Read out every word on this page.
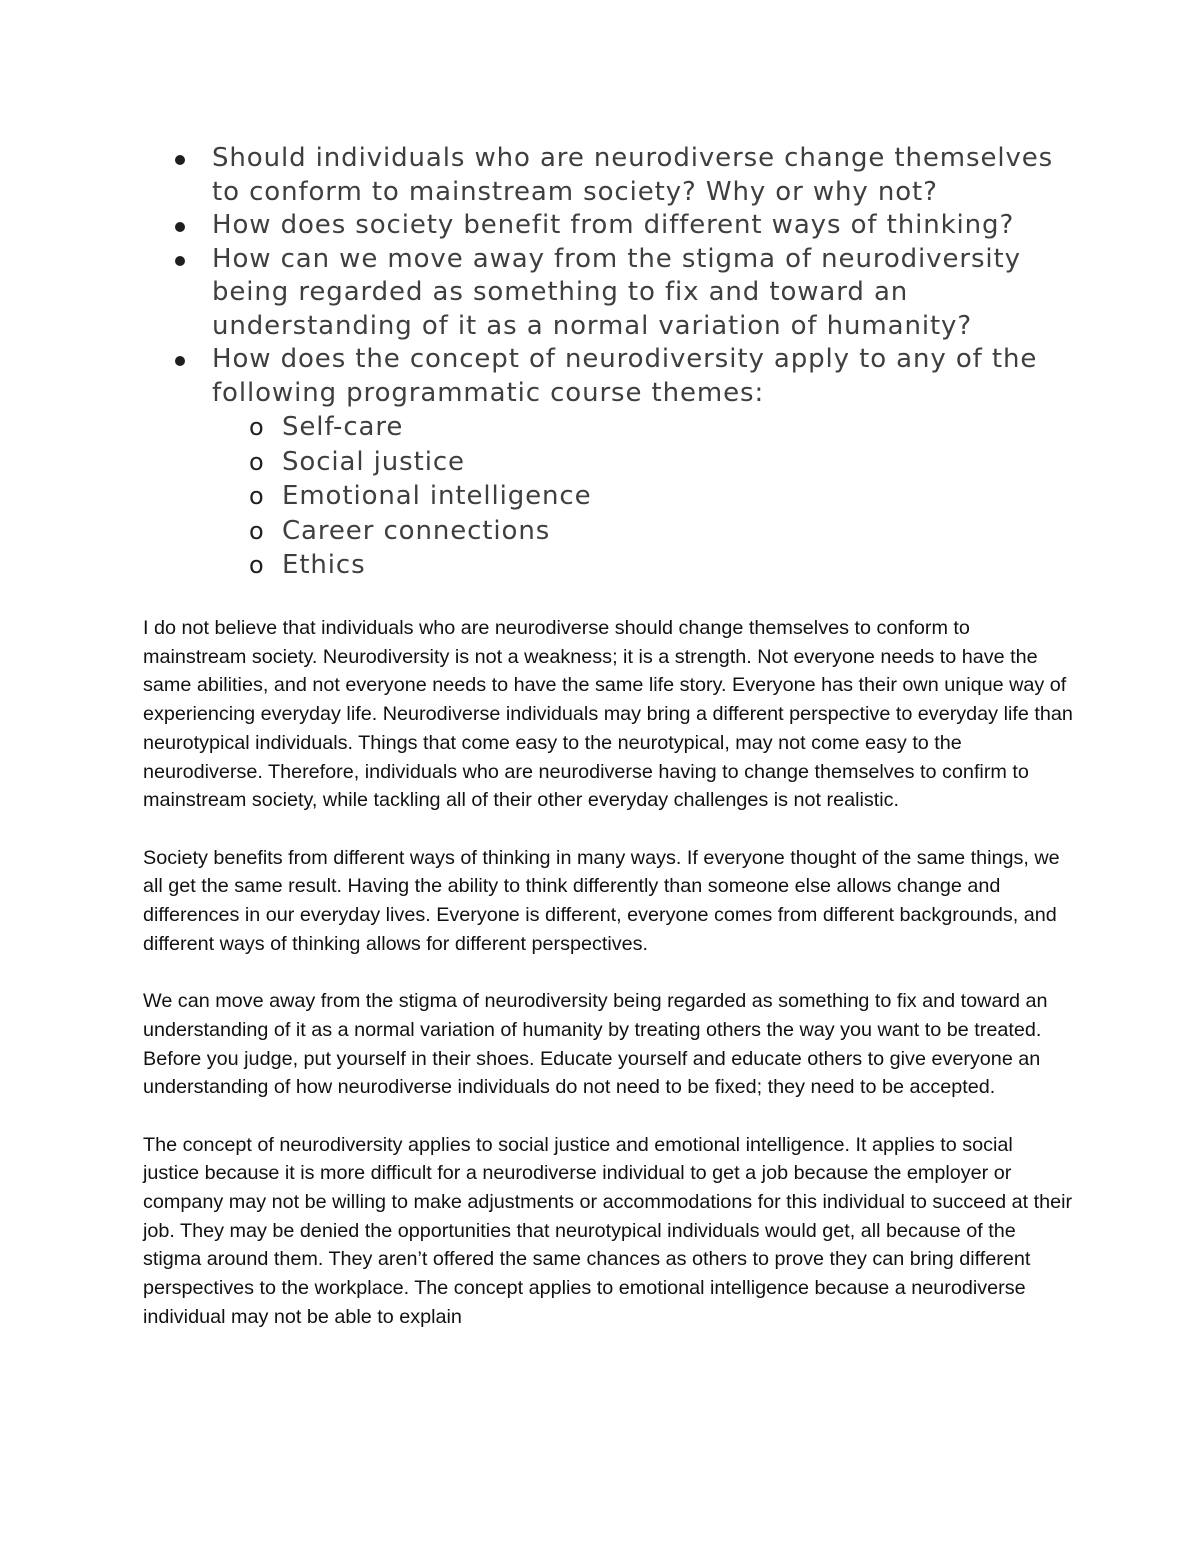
Should individuals who are neurodiverse change themselves to conform to mainstream society? Why or why not?
How does society benefit from different ways of thinking?
How can we move away from the stigma of neurodiversity being regarded as something to fix and toward an understanding of it as a normal variation of humanity?
How does the concept of neurodiversity apply to any of the following programmatic course themes:
o Self-care
o Social justice
o Emotional intelligence
o Career connections
o Ethics

I do not believe that individuals who are neurodiverse should change themselves to conform to mainstream society. Neurodiversity is not a weakness; it is a strength. Not everyone needs to have the same abilities, and not everyone needs to have the same life story. Everyone has their own unique way of experiencing everyday life. Neurodiverse individuals may bring a different perspective to everyday life than neurotypical individuals. Things that come easy to the neurotypical, may not come easy to the neurodiverse. Therefore, individuals who are neurodiverse having to change themselves to confirm to mainstream society, while tackling all of their other everyday challenges is not realistic.

Society benefits from different ways of thinking in many ways. If everyone thought of the same things, we all get the same result. Having the ability to think differently than someone else allows change and differences in our everyday lives. Everyone is different, everyone comes from different backgrounds, and different ways of thinking allows for different perspectives.

We can move away from the stigma of neurodiversity being regarded as something to fix and toward an understanding of it as a normal variation of humanity by treating others the way you want to be treated. Before you judge, put yourself in their shoes. Educate yourself and educate others to give everyone an understanding of how neurodiverse individuals do not need to be fixed; they need to be accepted.

The concept of neurodiversity applies to social justice and emotional intelligence. It applies to social justice because it is more difficult for a neurodiverse individual to get a job because the employer or company may not be willing to make adjustments or accommodations for this individual to succeed at their job. They may be denied the opportunities that neurotypical individuals would get, all because of the stigma around them. They aren’t offered the same chances as others to prove they can bring different perspectives to the workplace. The concept applies to emotional intelligence because a neurodiverse individual may not be able to explain
